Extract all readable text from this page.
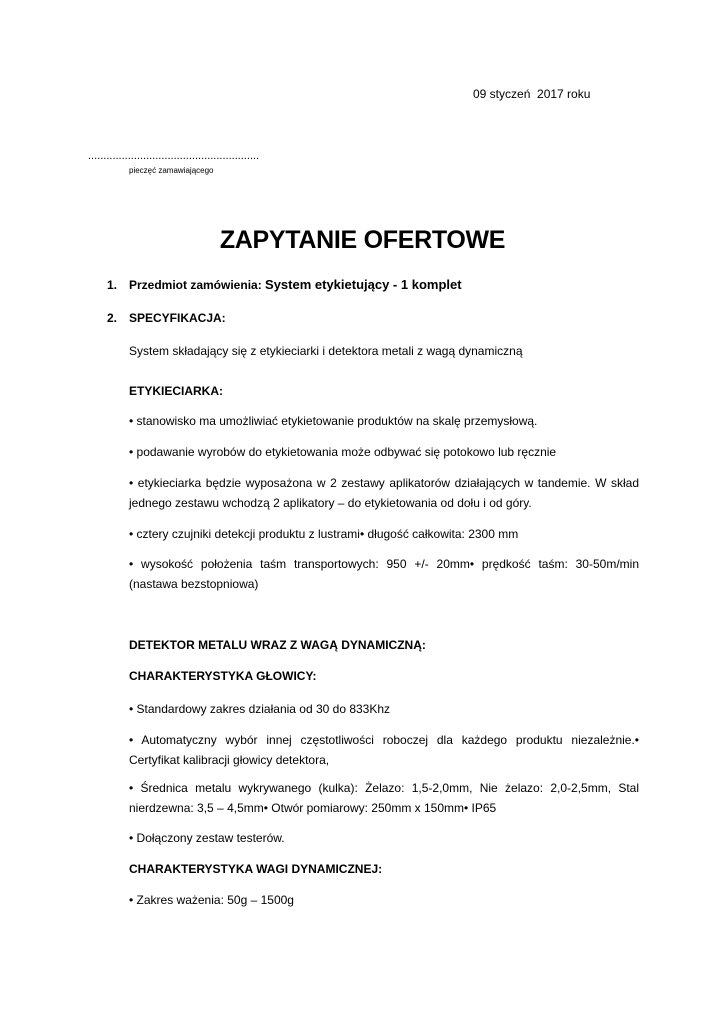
09 styczeń  2017 roku
........................................................
pieczęć zamawiającego
ZAPYTANIE OFERTOWE
1. Przedmiot zamówienia: System etykietujący - 1 komplet
2. SPECYFIKACJA:
System składający się z etykieciarki i detektora metali z wagą dynamiczną
ETYKIECIARKA:
• stanowisko ma umożliwiać etykietowanie produktów na skalę przemysłową.
• podawanie wyrobów do etykietowania może odbywać się potokowo lub ręcznie
• etykieciarka będzie wyposażona w 2 zestawy aplikatorów działających w tandemie. W skład jednego zestawu wchodzą 2 aplikatory – do etykietowania od dołu i od góry.
• cztery czujniki detekcji produktu z lustrami• długość całkowita: 2300 mm
• wysokość położenia taśm transportowych: 950 +/- 20mm• prędkość taśm: 30-50m/min (nastawa bezstopniowa)
DETEKTOR METALU WRAZ Z WAGĄ DYNAMICZNĄ:
CHARAKTERYSTYKA GŁOWICY:
• Standardowy zakres działania od 30 do 833Khz
• Automatyczny wybór innej częstotliwości roboczej dla każdego produktu niezależnie.• Certyfikat kalibracji głowicy detektora,
• Średnica metalu wykrywanego (kulka): Żelazo: 1,5-2,0mm, Nie żelazo: 2,0-2,5mm, Stal nierdzewna: 3,5 – 4,5mm• Otwór pomiarowy: 250mm x 150mm• IP65
• Dołączony zestaw testerów.
CHARAKTERYSTYKA WAGI DYNAMICZNEJ:
• Zakres ważenia: 50g – 1500g
